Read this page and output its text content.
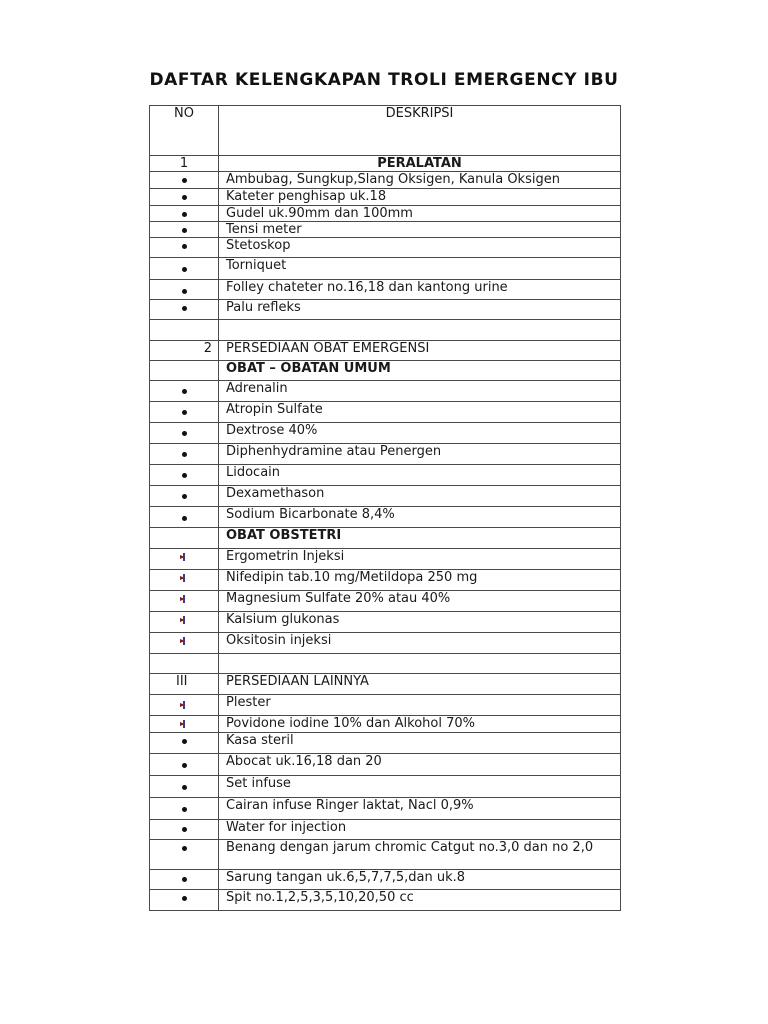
DAFTAR KELENGKAPAN TROLI EMERGENCY IBU
NO	DESKRIPSI
1	PERALATAN
	Ambubag, Sungkup,Slang Oksigen, Kanula Oksigen
	Kateter penghisap uk.18
	Gudel uk.90mm dan 100mm
	Tensi meter
	Stetoskop
	Torniquet
	Folley chateter no.16,18 dan kantong urine
	Palu refleks

2	PERSEDIAAN OBAT EMERGENSI
	OBAT – OBATAN UMUM
	Adrenalin
	Atropin Sulfate
	Dextrose 40%
	Diphenhydramine atau Penergen
	Lidocain
	Dexamethason
	Sodium Bicarbonate 8,4%
	OBAT OBSTETRI
	Ergometrin Injeksi
	Nifedipin tab.10 mg/Metildopa 250 mg
	Magnesium Sulfate 20% atau 40%
	Kalsium glukonas
	Oksitosin injeksi

III	PERSEDIAAN LAINNYA
	Plester
	Povidone iodine 10% dan Alkohol 70%
	Kasa steril
	Abocat uk.16,18 dan 20
	Set infuse
	Cairan infuse Ringer laktat, Nacl 0,9%
	Water for injection
	Benang dengan jarum chromic Catgut no.3,0 dan no 2,0
	Sarung tangan uk.6,5,7,7,5,dan uk.8
	Spit no.1,2,5,3,5,10,20,50 cc
